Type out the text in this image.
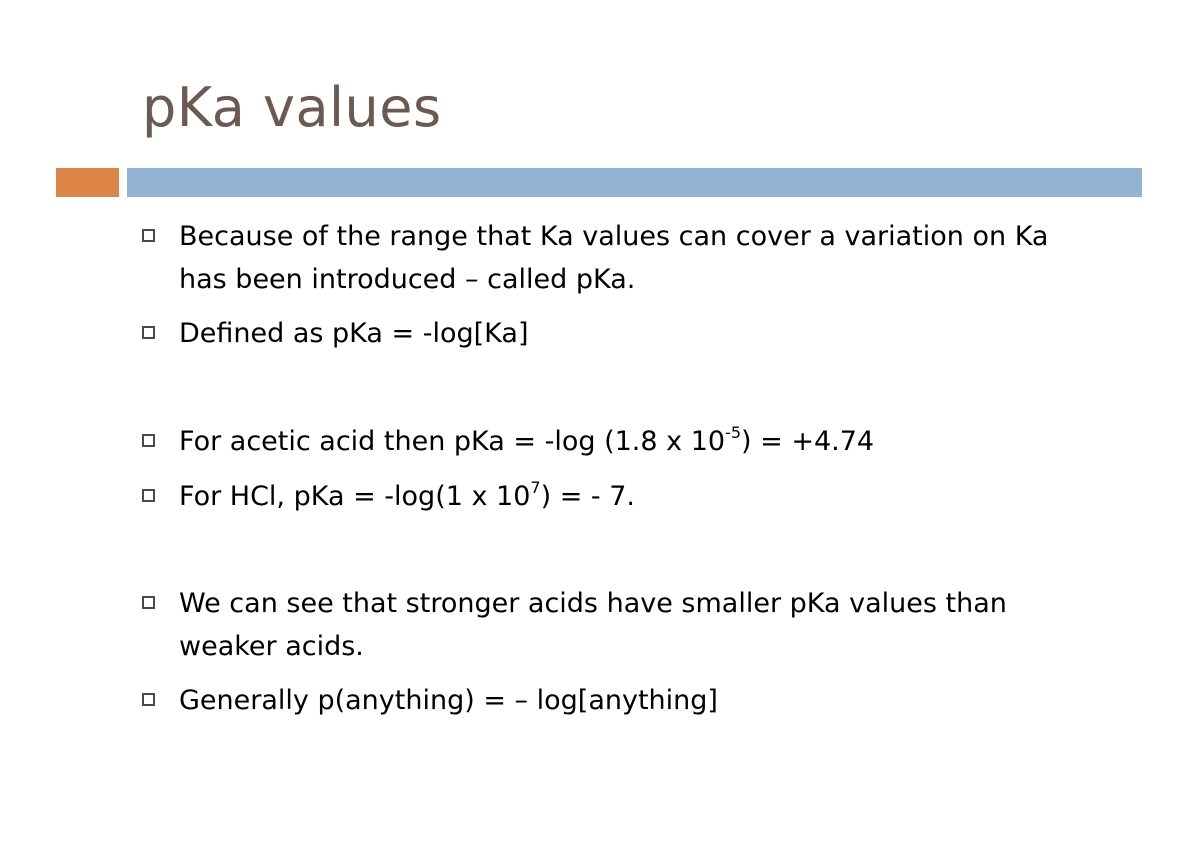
pKa values
Because of the range that Ka values can cover a variation on Ka has been introduced – called pKa.
Defined as pKa = -log[Ka]
For acetic acid then pKa = -log (1.8 x $10^{-5}) = +4.74$
For HCl, pKa = -log(1 x $10^7$) = - 7.
We can see that stronger acids have smaller pKa values than weaker acids.
Generally p(anything) = – log[anything]
